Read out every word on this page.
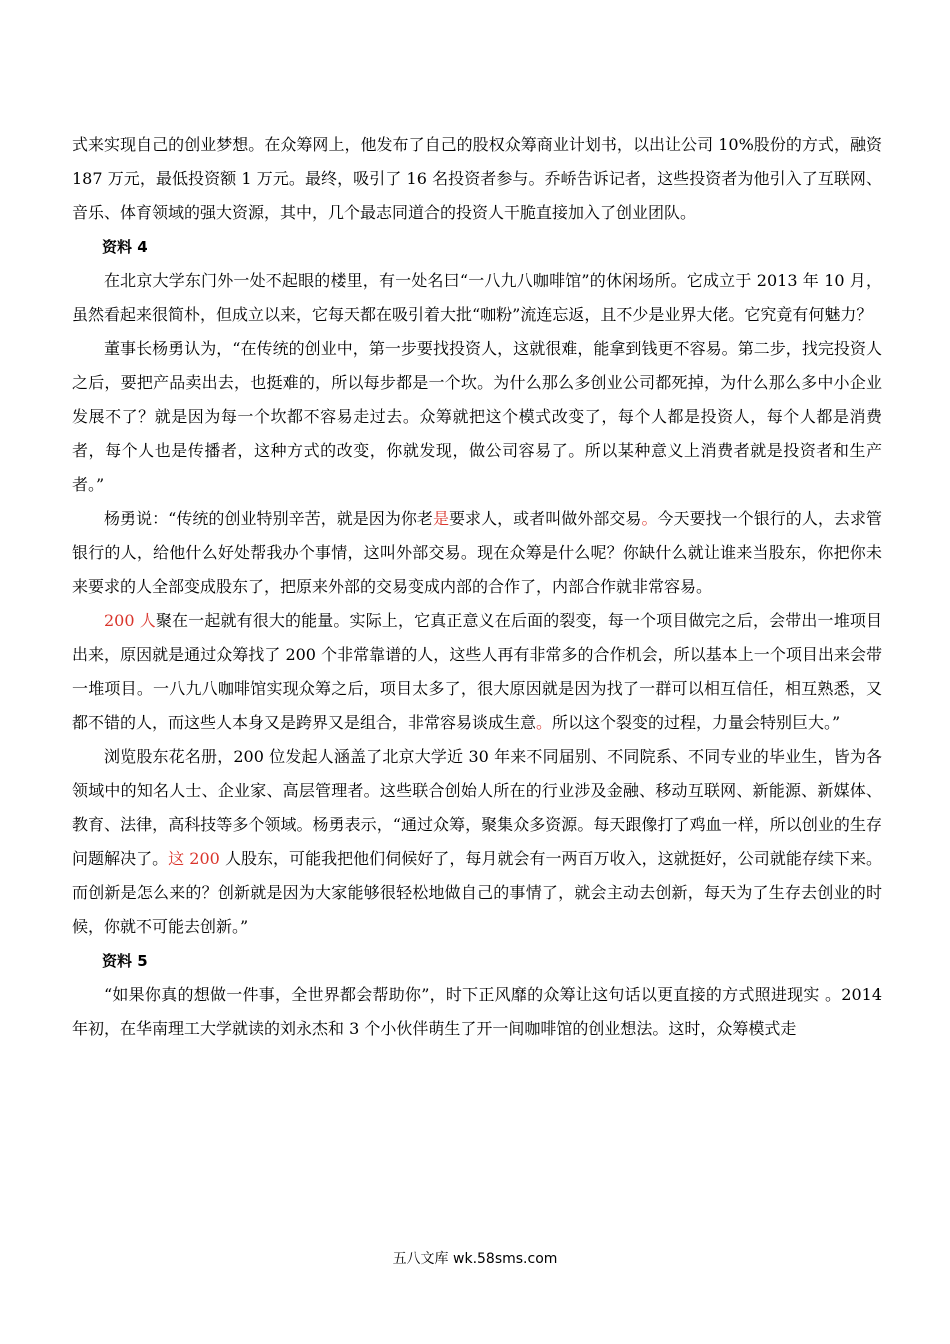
式来实现自己的创业梦想。在众筹网上，他发布了自己的股权众筹商业计划书，以出让公司 10%股份的方式，融资 187 万元，最低投资额 1 万元。最终，吸引了 16 名投资者参与。乔峤告诉记者，这些投资者为他引入了互联网、音乐、体育领域的强大资源，其中，几个最志同道合的投资人干脆直接加入了创业团队。

资料 4

在北京大学东门外一处不起眼的楼里，有一处名曰“一八九八咖啡馆”的休闲场所。它成立于 2013 年 10 月，虽然看起来很简朴，但成立以来，它每天都在吸引着大批“咖粉”流连忘返，且不少是业界大佬。它究竟有何魅力？

董事长杨勇认为，“在传统的创业中，第一步要找投资人，这就很难，能拿到钱更不容易。第二步，找完投资人之后，要把产品卖出去，也挺难的，所以每步都是一个坎。为什么那么多创业公司都死掉，为什么那么多中小企业发展不了？就是因为每一个坎都不容易走过去。众筹就把这个模式改变了，每个人都是投资人，每个人都是消费者，每个人也是传播者，这种方式的改变，你就发现，做公司容易了。所以某种意义上消费者就是投资者和生产者。”

杨勇说：“传统的创业特别辛苦，就是因为你老是要求人，或者叫做外部交易。今天要找一个银行的人，去求管银行的人，给他什么好处帮我办个事情，这叫外部交易。现在众筹是什么呢？你缺什么就让谁来当股东，你把你未来要求的人全部变成股东了，把原来外部的交易变成内部的合作了，内部合作就非常容易。

200 人聚在一起就有很大的能量。实际上，它真正意义在后面的裂变，每一个项目做完之后，会带出一堆项目出来，原因就是通过众筹找了 200 个非常靠谱的人，这些人再有非常多的合作机会，所以基本上一个项目出来会带一堆项目。一八九八咖啡馆实现众筹之后，项目太多了，很大原因就是因为找了一群可以相互信任，相互熟悉，又都不错的人，而这些人本身又是跨界又是组合，非常容易谈成生意。所以这个裂变的过程，力量会特别巨大。”

浏览股东花名册，200 位发起人涵盖了北京大学近 30 年来不同届别、不同院系、不同专业的毕业生，皆为各领域中的知名人士、企业家、高层管理者。这些联合创始人所在的行业涉及金融、移动互联网、新能源、新媒体、教育、法律，高科技等多个领域。杨勇表示，“通过众筹，聚集众多资源。每天跟像打了鸡血一样，所以创业的生存问题解决了。这 200 人股东，可能我把他们伺候好了，每月就会有一两百万收入，这就挺好，公司就能存续下来。而创新是怎么来的？创新就是因为大家能够很轻松地做自己的事情了，就会主动去创新，每天为了生存去创业的时候，你就不可能去创新。”

资料 5

“如果你真的想做一件事，全世界都会帮助你”，时下正风靡的众筹让这句话以更直接的方式照进现实 。2014 年初，在华南理工大学就读的刘永杰和 3 个小伙伴萌生了开一间咖啡馆的创业想法。这时，众筹模式走

五八文库 wk.58sms.com
